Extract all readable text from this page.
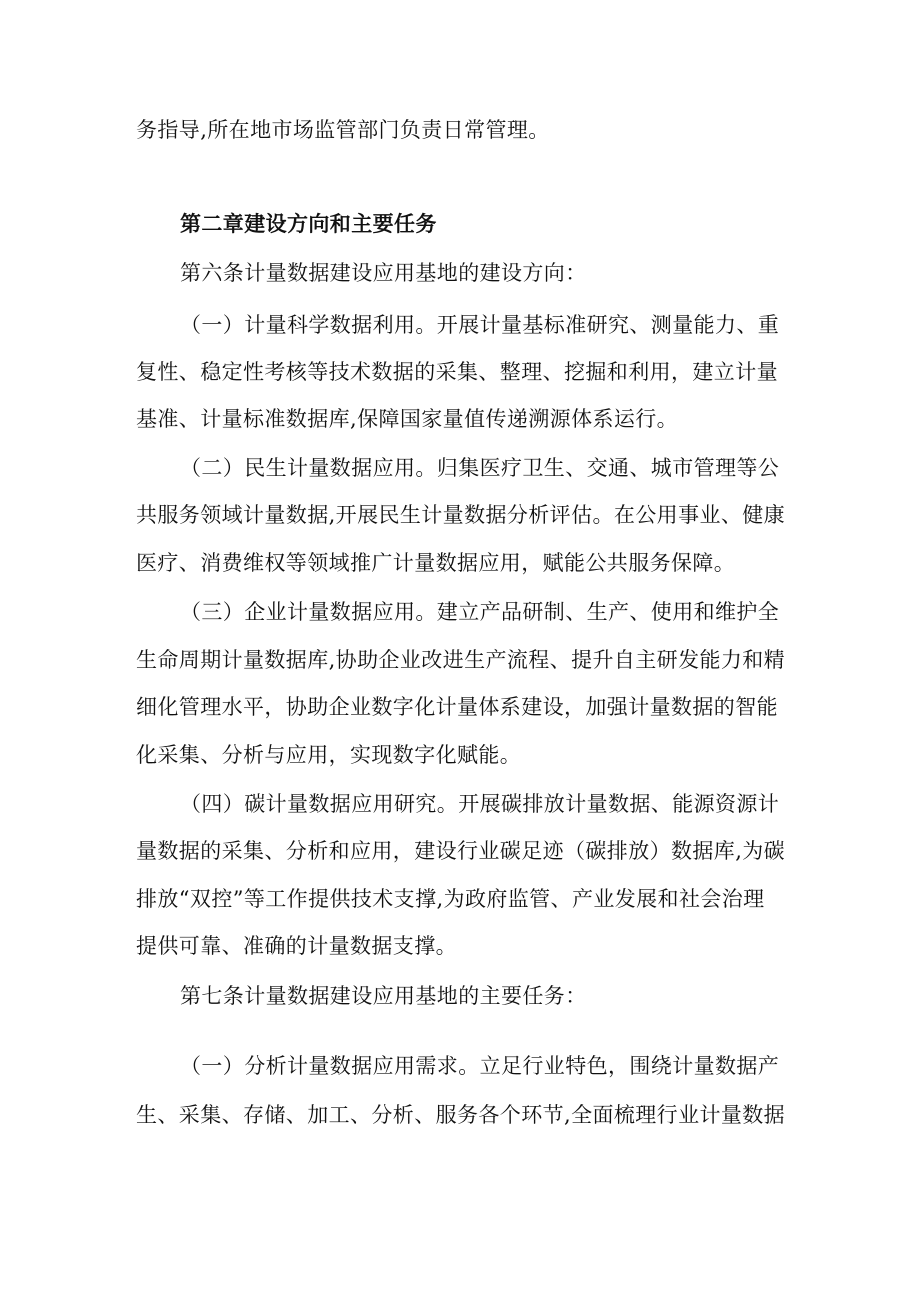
务指导,所在地市场监管部门负责日常管理。
第二章建设方向和主要任务
第六条计量数据建设应用基地的建设方向：
（一）计量科学数据利用。开展计量基标准研究、测量能力、重
复性、稳定性考核等技术数据的采集、整理、挖掘和利用，建立计量
基准、计量标准数据库,保障国家量值传递溯源体系运行。
（二）民生计量数据应用。归集医疗卫生、交通、城市管理等公
共服务领域计量数据,开展民生计量数据分析评估。在公用事业、健康
医疗、消费维权等领域推广计量数据应用，赋能公共服务保障。
（三）企业计量数据应用。建立产品研制、生产、使用和维护全
生命周期计量数据库,协助企业改进生产流程、提升自主研发能力和精
细化管理水平，协助企业数字化计量体系建设，加强计量数据的智能
化采集、分析与应用，实现数字化赋能。
（四）碳计量数据应用研究。开展碳排放计量数据、能源资源计
量数据的采集、分析和应用，建设行业碳足迹（碳排放）数据库,为碳
排放“双控”等工作提供技术支撑,为政府监管、产业发展和社会治理
提供可靠、准确的计量数据支撑。
第七条计量数据建设应用基地的主要任务：
（一）分析计量数据应用需求。立足行业特色，围绕计量数据产
生、采集、存储、加工、分析、服务各个环节,全面梳理行业计量数据
